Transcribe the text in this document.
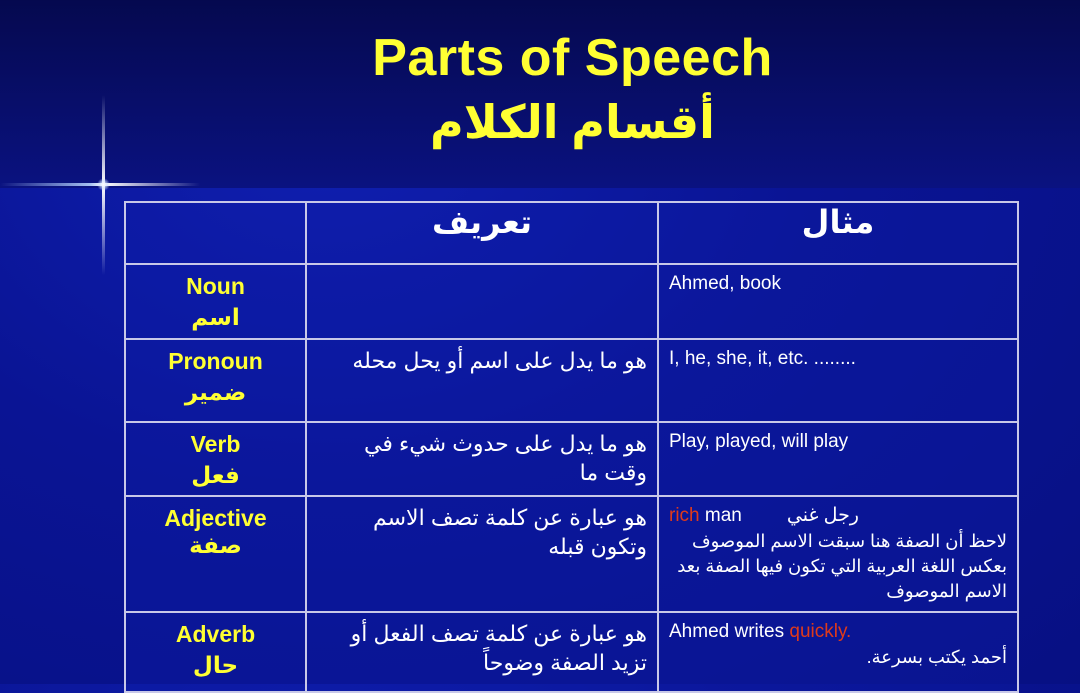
Parts of Speech
أقسام الكلام
	تعريف	مثال

Noun
اسم		Ahmed, book

Pronoun
ضمير	هو ما يدل على اسم أو يحل محله	I, he, she, it, etc. ........

Verb
فعل	هو ما يدل على حدوث شيء في وقت ما	Play, played, will play

Adjective
صفة	هو عبارة عن كلمة تصف الاسم وتكون قبله	rich man رجل غني
لاحظ أن الصفة هنا سبقت الاسم الموصوف بعكس اللغة العربية التي تكون فيها الصفة بعد الاسم الموصوف

Adverb
حال	هو عبارة عن كلمة تصف الفعل أو تزيد الصفة وضوحاً	Ahmed writes quickly.
أحمد يكتب بسرعة.
